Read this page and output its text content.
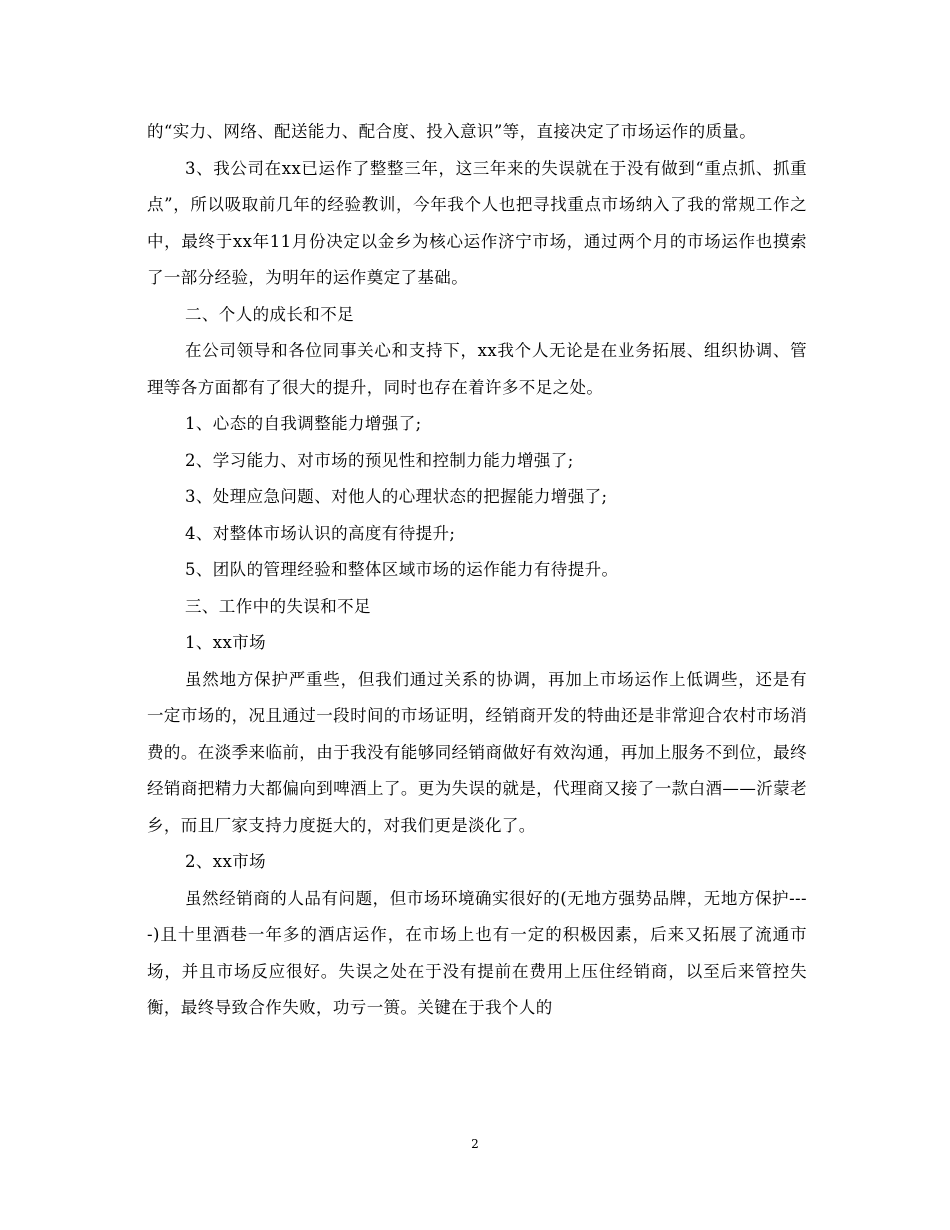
的“实力、网络、配送能力、配合度、投入意识”等，直接决定了市场运作的质量。

3、我公司在xx已运作了整整三年，这三年来的失误就在于没有做到“重点抓、抓重点”，所以吸取前几年的经验教训，今年我个人也把寻找重点市场纳入了我的常规工作之中，最终于xx年11月份决定以金乡为核心运作济宁市场，通过两个月的市场运作也摸索了一部分经验，为明年的运作奠定了基础。

二、个人的成长和不足

在公司领导和各位同事关心和支持下，xx我个人无论是在业务拓展、组织协调、管理等各方面都有了很大的提升，同时也存在着许多不足之处。

1、心态的自我调整能力增强了;

2、学习能力、对市场的预见性和控制力能力增强了;

3、处理应急问题、对他人的心理状态的把握能力增强了;

4、对整体市场认识的高度有待提升;

5、团队的管理经验和整体区域市场的运作能力有待提升。

三、工作中的失误和不足

1、xx市场

虽然地方保护严重些，但我们通过关系的协调，再加上市场运作上低调些，还是有一定市场的，况且通过一段时间的市场证明，经销商开发的特曲还是非常迎合农村市场消费的。在淡季来临前，由于我没有能够同经销商做好有效沟通，再加上服务不到位，最终经销商把精力大都偏向到啤酒上了。更为失误的就是，代理商又接了一款白酒——沂蒙老乡，而且厂家支持力度挺大的，对我们更是淡化了。

2、xx市场

虽然经销商的人品有问题，但市场环境确实很好的(无地方强势品牌，无地方保护----)且十里酒巷一年多的酒店运作，在市场上也有一定的积极因素，后来又拓展了流通市场，并且市场反应很好。失误之处在于没有提前在费用上压住经销商，以至后来管控失衡，最终导致合作失败，功亏一篑。关键在于我个人的

2
